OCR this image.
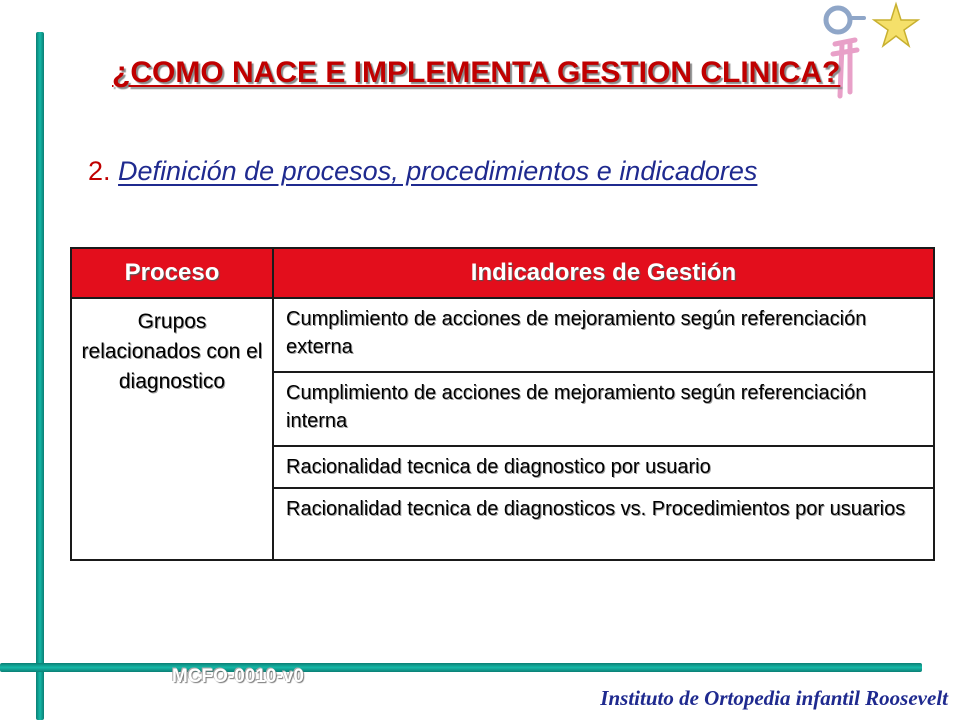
¿COMO NACE E IMPLEMENTA GESTION CLINICA?
2. Definición de procesos, procedimientos e indicadores
Proceso	Indicadores de Gestión
Grupos relacionados con el diagnostico	Cumplimiento de acciones de mejoramiento según referenciación externa
	Cumplimiento de acciones de mejoramiento según referenciación interna
	Racionalidad tecnica de diagnostico por usuario
	Racionalidad tecnica de diagnosticos vs. Procedimientos por usuarios
MCFO-0010-v0
Instituto de Ortopedia infantil Roosevelt
